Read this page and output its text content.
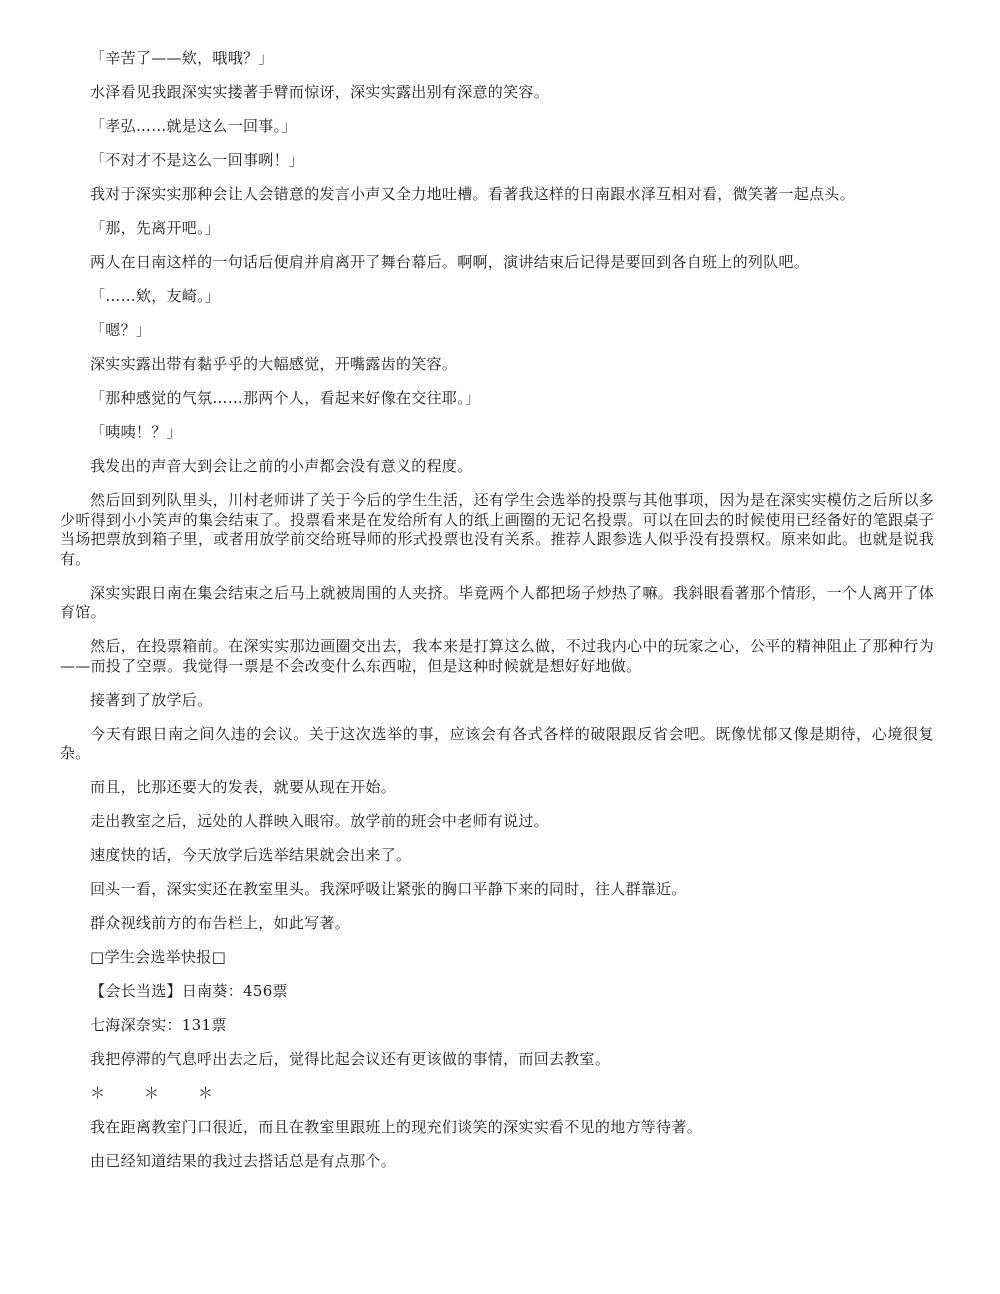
「辛苦了——欸，哦哦？」

水泽看见我跟深实实搂著手臂而惊讶，深实实露出别有深意的笑容。

「孝弘……就是这么一回事。」

「不对才不是这么一回事咧！」

我对于深实实那种会让人会错意的发言小声又全力地吐槽。看著我这样的日南跟水泽互相对看，微笑著一起点头。

「那，先离开吧。」

两人在日南这样的一句话后便肩并肩离开了舞台幕后。啊啊，演讲结束后记得是要回到各自班上的列队吧。

「……欸，友崎。」

「嗯？」

深实实露出带有黏乎乎的大幅感觉，开嘴露齿的笑容。

「那种感觉的气氛……那两个人，看起来好像在交往耶。」

「咦咦！？」

我发出的声音大到会让之前的小声都会没有意义的程度。

然后回到列队里头，川村老师讲了关于今后的学生生活，还有学生会选举的投票与其他事项，因为是在深实实模仿之后所以多少听得到小小笑声的集会结束了。投票看来是在发给所有人的纸上画圈的无记名投票。可以在回去的时候使用已经备好的笔跟桌子当场把票放到箱子里，或者用放学前交给班导师的形式投票也没有关系。推荐人跟参选人似乎没有投票权。原来如此。也就是说我有。

深实实跟日南在集会结束之后马上就被周围的人夹挤。毕竟两个人都把场子炒热了嘛。我斜眼看著那个情形，一个人离开了体育馆。

然后，在投票箱前。在深实实那边画圈交出去，我本来是打算这么做，不过我内心中的玩家之心，公平的精神阻止了那种行为——而投了空票。我觉得一票是不会改变什么东西啦，但是这种时候就是想好好地做。

接著到了放学后。

今天有跟日南之间久违的会议。关于这次选举的事，应该会有各式各样的破限跟反省会吧。既像忧郁又像是期待，心境很复杂。

而且，比那还要大的发表，就要从现在开始。

走出教室之后，远处的人群映入眼帘。放学前的班会中老师有说过。

速度快的话，今天放学后选举结果就会出来了。

回头一看，深实实还在教室里头。我深呼吸让紧张的胸口平静下来的同时，往人群靠近。

群众视线前方的布告栏上，如此写著。

□学生会选举快报□

【会长当选】日南葵：456票

七海深奈实：131票

我把停滞的气息呼出去之后，觉得比起会议还有更该做的事情，而回去教室。

＊　＊　＊

我在距离教室门口很近，而且在教室里跟班上的现充们谈笑的深实实看不见的地方等待著。

由已经知道结果的我过去搭话总是有点那个。
